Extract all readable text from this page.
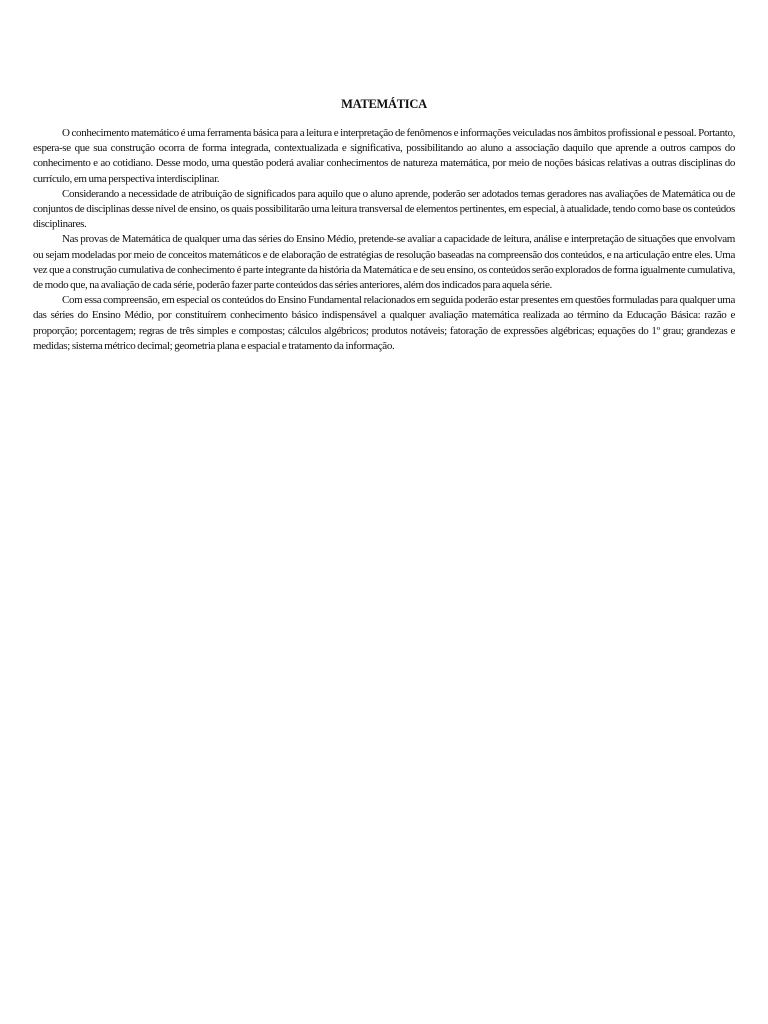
MATEMÁTICA

O conhecimento matemático é uma ferramenta básica para a leitura e interpretação de fenômenos e informações veiculadas nos âmbitos profissional e pessoal. Portanto, espera-se que sua construção ocorra de forma integrada, contextualizada e significativa, possibilitando ao aluno a associação daquilo que aprende a outros campos do conhecimento e ao cotidiano. Desse modo, uma questão poderá avaliar conhecimentos de natureza matemática, por meio de noções básicas relativas a outras disciplinas do currículo, em uma perspectiva interdisciplinar.

Considerando a necessidade de atribuição de significados para aquilo que o aluno aprende, poderão ser adotados temas geradores nas avaliações de Matemática ou de conjuntos de disciplinas desse nível de ensino, os quais possibilitarão uma leitura transversal de elementos pertinentes, em especial, à atualidade, tendo como base os conteúdos disciplinares.

Nas provas de Matemática de qualquer uma das séries do Ensino Médio, pretende-se avaliar a capacidade de leitura, análise e interpretação de situações que envolvam ou sejam modeladas por meio de conceitos matemáticos e de elaboração de estratégias de resolução baseadas na compreensão dos conteúdos, e na articulação entre eles. Uma vez que a construção cumulativa de conhecimento é parte integrante da história da Matemática e de seu ensino, os conteúdos serão explorados de forma igualmente cumulativa, de modo que, na avaliação de cada série, poderão fazer parte conteúdos das séries anteriores, além dos indicados para aquela série.

Com essa compreensão, em especial os conteúdos do Ensino Fundamental relacionados em seguida poderão estar presentes em questões formuladas para qualquer uma das séries do Ensino Médio, por constituírem conhecimento básico indispensável a qualquer avaliação matemática realizada ao término da Educação Básica: razão e proporção; porcentagem; regras de três simples e compostas; cálculos algébricos; produtos notáveis; fatoração de expressões algébricas; equações do 1º grau; grandezas e medidas; sistema métrico decimal; geometria plana e espacial e tratamento da informação.
